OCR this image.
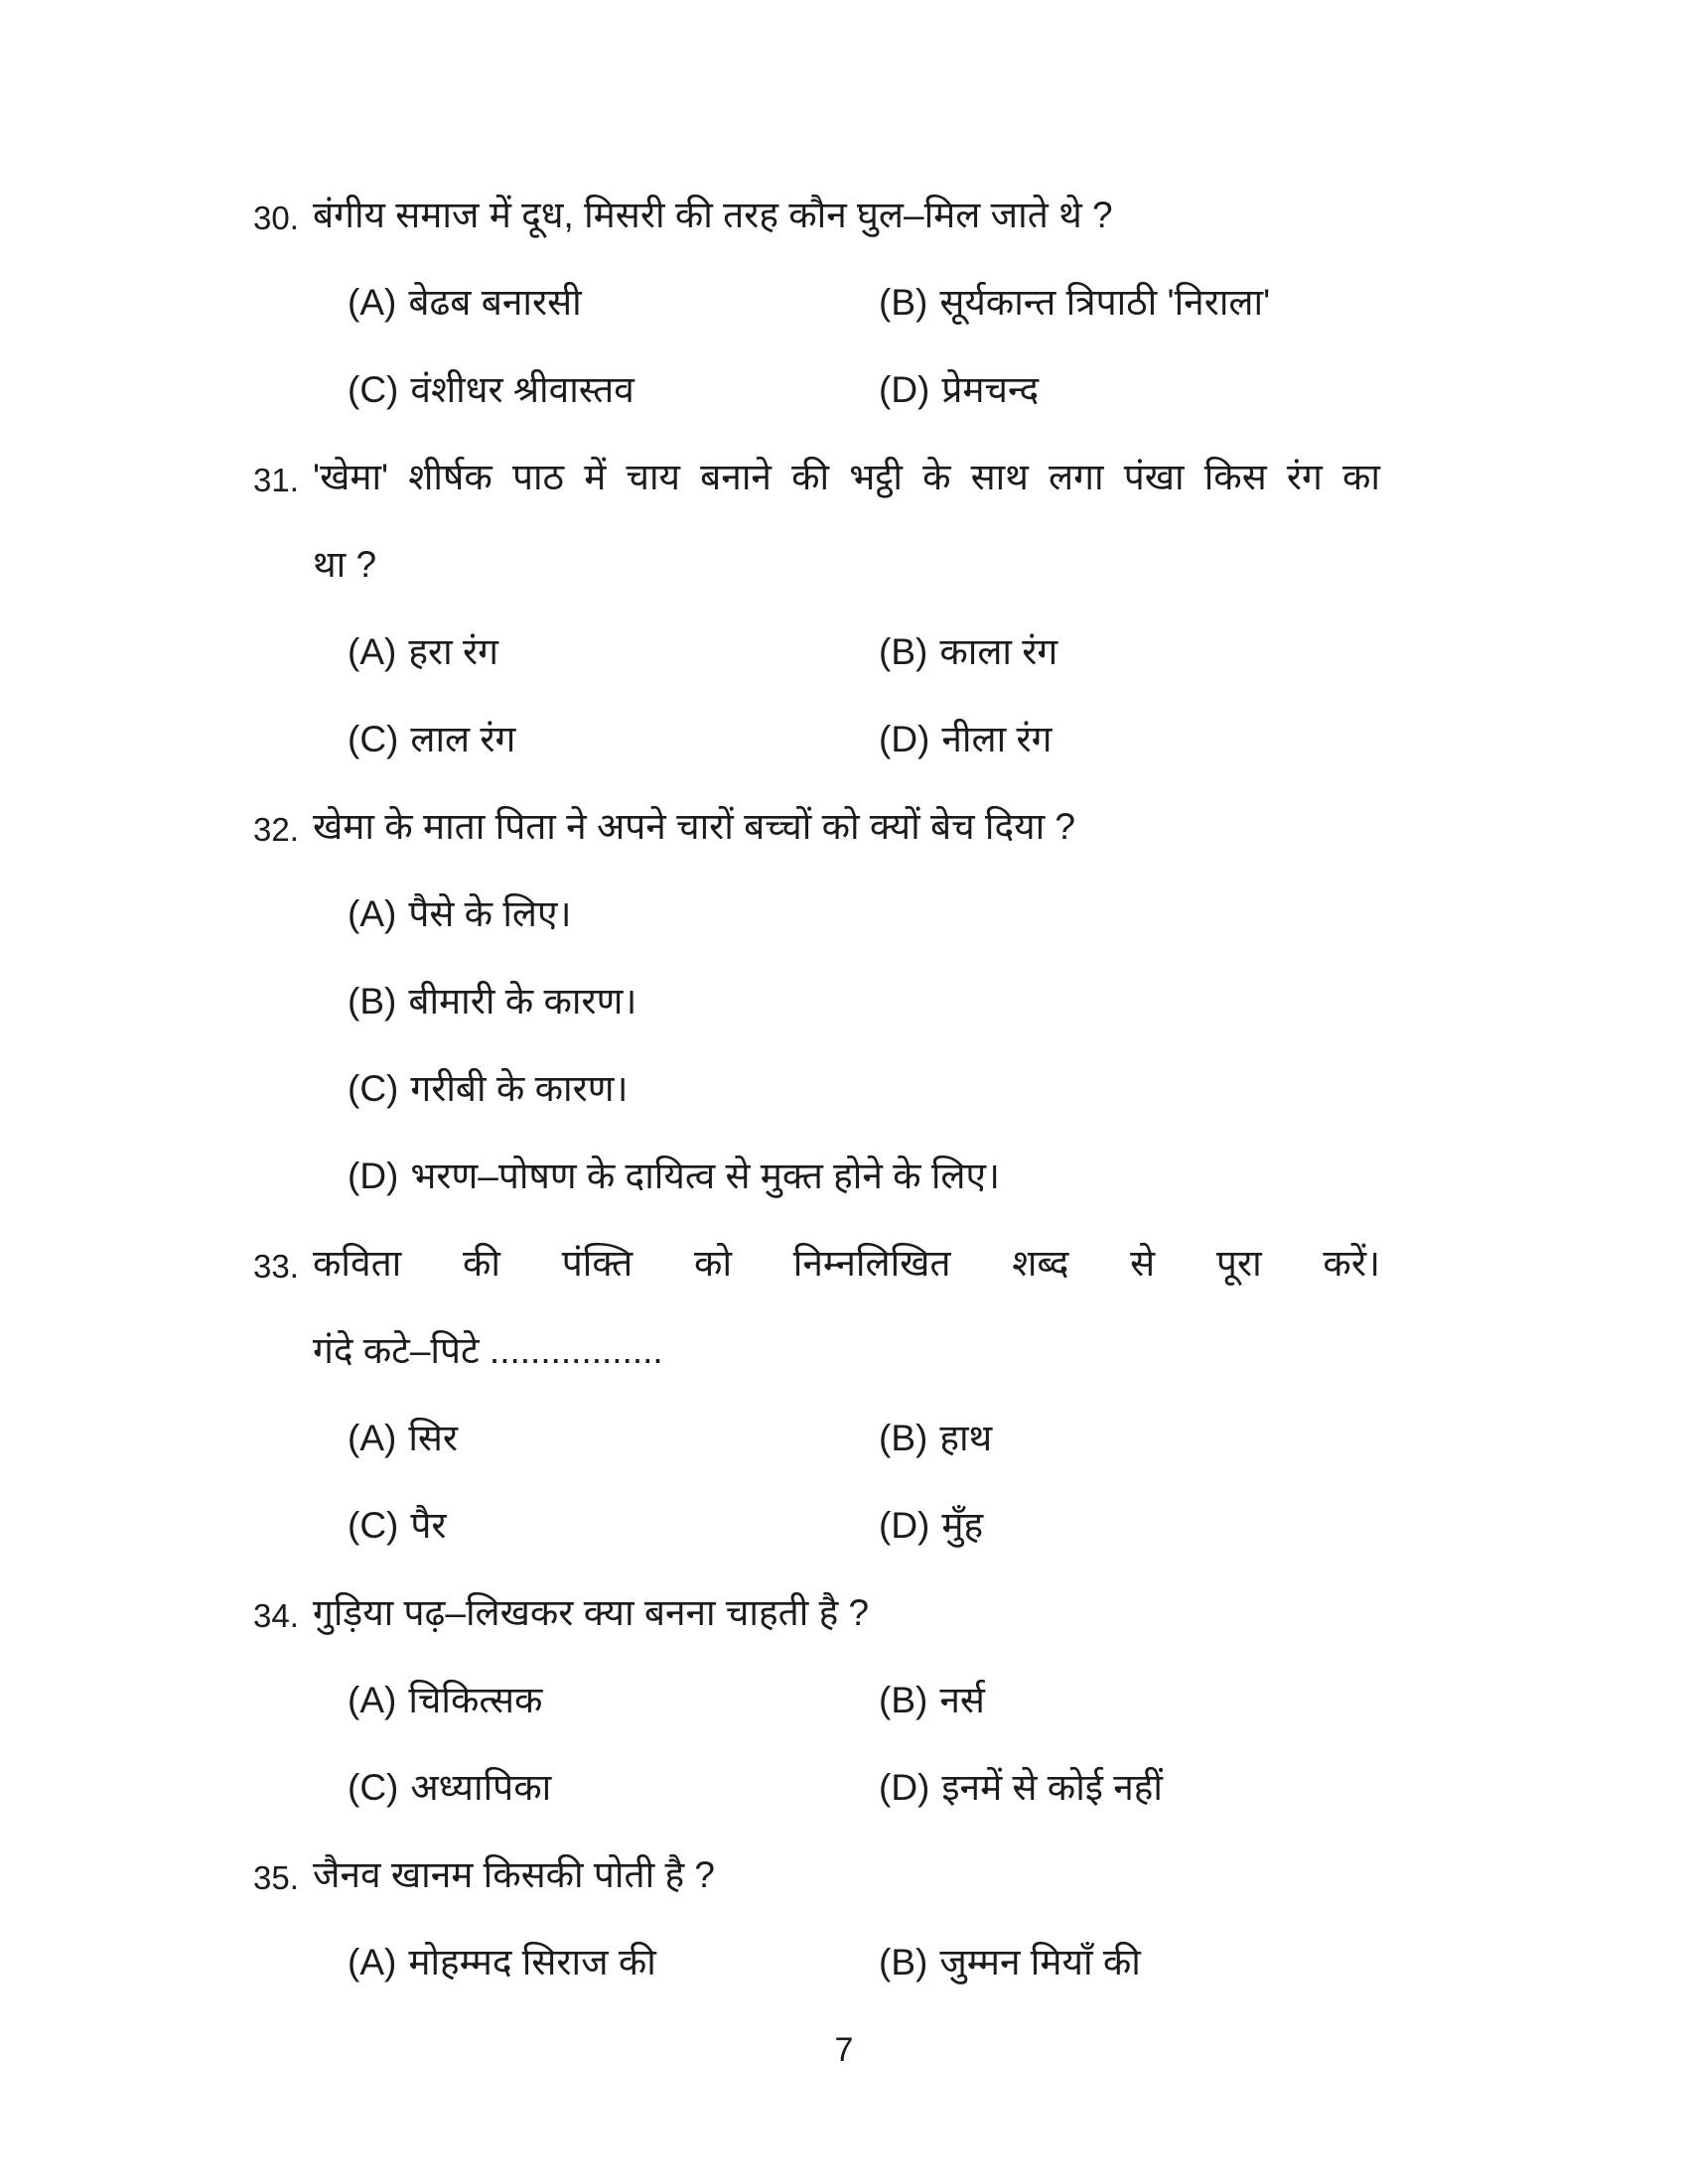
30. बंगीय समाज में दूध, मिसरी की तरह कौन घुल–मिल जाते थे ?
(A) बेढब बनारसी	(B) सूर्यकान्त त्रिपाठी 'निराला'
(C) वंशीधर श्रीवास्तव	(D) प्रेमचन्द
31. 'खेमा' शीर्षक पाठ में चाय बनाने की भट्ठी के साथ लगा पंखा किस रंग का
था ?
(A) हरा रंग	(B) काला रंग
(C) लाल रंग	(D) नीला रंग
32. खेमा के माता पिता ने अपने चारों बच्चों को क्यों बेच दिया ?
(A) पैसे के लिए।
(B) बीमारी के कारण।
(C) गरीबी के कारण।
(D) भरण–पोषण के दायित्व से मुक्त होने के लिए।
33. कविता की पंक्ति को निम्नलिखित शब्द से पूरा करें।
गंदे कटे–पिटे .................
(A) सिर	(B) हाथ
(C) पैर	(D) मुँह
34. गुड़िया पढ़–लिखकर क्या बनना चाहती है ?
(A) चिकित्सक	(B) नर्स
(C) अध्यापिका	(D) इनमें से कोई नहीं
35. जैनव खानम किसकी पोती है ?
(A) मोहम्मद सिराज की	(B) जुम्मन मियाँ की
7
